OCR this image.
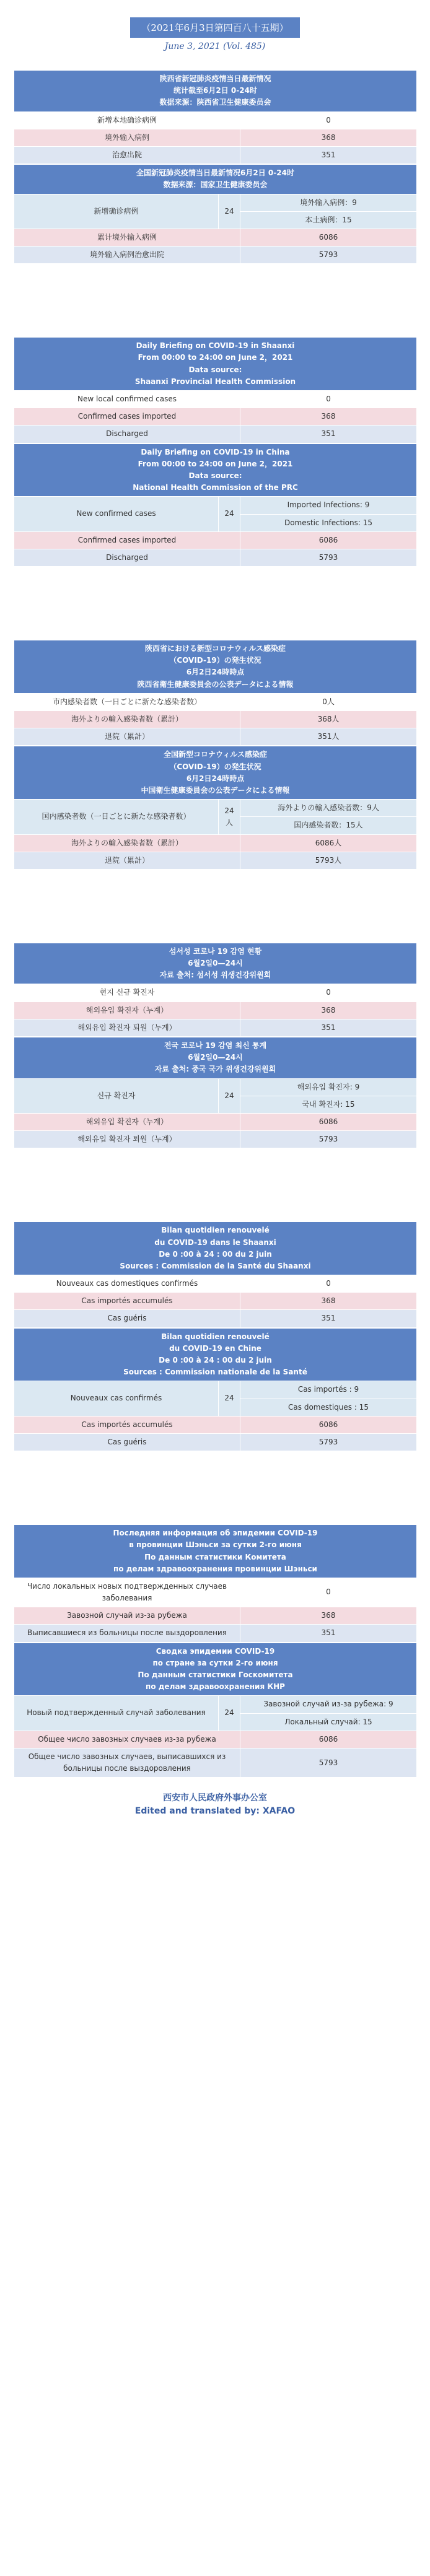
（2021年6月3日第四百八十五期）
June 3, 2021 (Vol. 485)
陕西省新冠肺炎疫情当日最新情况
统计截至6月2日 0-24时
数据来源：陕西省卫生健康委员会	

新增本地确诊病例	0
境外输入病例	368
治愈出院	351
全国新冠肺炎疫情当日最新情况6月2日 0-24时
数据来源：国家卫生健康委员会		

新增确诊病例	24	境外输入病例：9
		本土病例：15
累计境外输入病例		6086
境外输入病例治愈出院		5793
Daily Briefing on COVID-19 in Shaanxi
From 00:00 to 24:00 on June 2，2021
Data source:
Shaanxi Provincial Health Commission	

New local confirmed cases	0
Confirmed cases imported	368
Discharged	351
Daily Briefing on COVID-19 in China
From 00:00 to 24:00 on June 2，2021
Data source:
National Health Commission of the PRC		

New confirmed cases	24	Imported Infections: 9
		Domestic Infections: 15
Confirmed cases imported		6086
Discharged		5793
陝西省における新型コロナウィルス感染症
（COVID-19）の発生状況
6月2日24時時点
陝西省衛生健康委員会の公表データによる情報	

市内感染者数（一日ごとに新たな感染者数）	0人
海外よりの輸入感染者数（累計）	368人
退院（累計）	351人
全国新型コロナウィルス感染症
（COVID-19）の発生状況
6月2日24時時点
中国衛生健康委員会の公表データによる情報		

国内感染者数（一日ごとに新たな感染者数）	24人	海外よりの輸入感染者数：9人
		国内感染者数：15人
海外よりの輸入感染者数（累計）		6086人
退院（累計）		5793人
섬서성 코로나 19 감염 현황
6월2일0—24시
자료 출처: 섬서성 위생건강위원회	

현지 신규 확진자	0
해외유입 확진자（누계）	368
해외유입 확진자 퇴원（누계）	351
전국 코로나 19 감염 최신 통계
6월2일0—24시
자료 출처: 중국 국가 위생건강위원회		

신규 확진자	24	해외유입 확진자: 9
		국내 확진자: 15
해외유입 확진자（누계）		6086
해외유입 확진자 퇴원（누계）		5793
Bilan quotidien renouvelé
du COVID-19 dans le Shaanxi
De 0 :00 à 24 : 00 du 2 juin
Sources : Commission de la Santé du Shaanxi	

Nouveaux cas domestiques confirmés	0
Cas importés accumulés	368
Cas guéris	351
Bilan quotidien renouvelé
du COVID-19 en Chine
De 0 :00 à 24 : 00 du 2 juin
Sources : Commission nationale de la Santé		

Nouveaux cas confirmés	24	Cas importés : 9
		Cas domestiques : 15
Cas importés accumulés		6086
Cas guéris		5793
Последняя информация об эпидемии COVID-19
в провинции Шэньси за сутки 2-го июня
По данным статистики Комитета
по делам здравоохранения провинции Шэньси	

Число локальных новых подтвержденных случаев заболевания	0
Завозной случай из-за рубежа	368
Выписавшиеся из больницы после выздоровления	351
Сводка эпидемии COVID-19
по стране за сутки 2-го июня
По данным статистики Госкомитета
по делам здравоохранения КНР		

Новый подтвержденный случай заболевания	24	Завозной случай из-за рубежа: 9
		Локальный случай: 15
Общее число завозных случаев из-за рубежа		6086
Общее число завозных случаев, выписавшихся из больницы после выздоровления		5793
西安市人民政府外事办公室
Edited and translated by: XAFAO
